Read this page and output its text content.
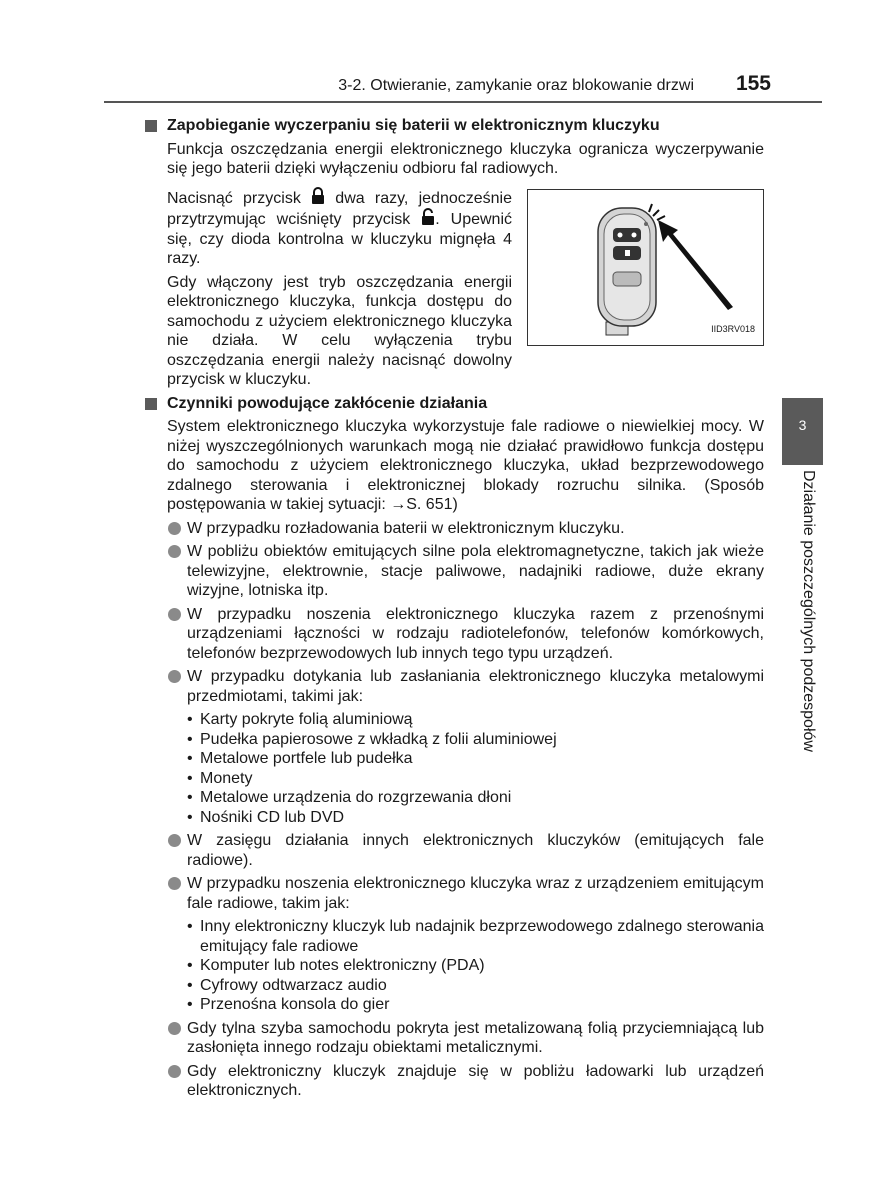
3-2. Otwieranie, zamykanie oraz blokowanie drzwi 155
3
Działanie poszczególnych podzespołów
Zapobieganie wyczerpaniu się baterii w elektronicznym kluczyku

Funkcja oszczędzania energii elektronicznego kluczyka ogranicza wyczerpywanie się jego baterii dzięki wyłączeniu odbioru fal radiowych.

Nacisnąć przycisk dwa razy, jednocześnie przytrzymując wciśnięty przycisk . Upewnić się, czy dioda kontrolna w kluczyku mignęła 4 razy.

Gdy włączony jest tryb oszczędzania energii elektronicznego kluczyka, funkcja dostępu do samochodu z użyciem elektronicznego kluczyka nie działa. W celu wyłączenia trybu oszczędzania energii należy nacisnąć dowolny przycisk w kluczyku.

IID3RV018
Czynniki powodujące zakłócenie działania

System elektronicznego kluczyka wykorzystuje fale radiowe o niewielkiej mocy. W niżej wyszczególnionych warunkach mogą nie działać prawidłowo funkcja dostępu do samochodu z użyciem elektronicznego kluczyka, układ bezprzewodowego zdalnego sterowania i elektronicznej blokady rozruchu silnika. (Sposób postępowania w takiej sytuacji: →S. 651)

W przypadku rozładowania baterii w elektronicznym kluczyku.
W pobliżu obiektów emitujących silne pola elektromagnetyczne, takich jak wieże telewizyjne, elektrownie, stacje paliwowe, nadajniki radiowe, duże ekrany wizyjne, lotniska itp.
W przypadku noszenia elektronicznego kluczyka razem z przenośnymi urządzeniami łączności w rodzaju radiotelefonów, telefonów komórkowych, telefonów bezprzewodowych lub innych tego typu urządzeń.
W przypadku dotykania lub zasłaniania elektronicznego kluczyka metalowymi przedmiotami, takimi jak:
• Karty pokryte folią aluminiową
• Pudełka papierosowe z wkładką z folii aluminiowej
• Metalowe portfele lub pudełka
• Monety
• Metalowe urządzenia do rozgrzewania dłoni
• Nośniki CD lub DVD
W zasięgu działania innych elektronicznych kluczyków (emitujących fale radiowe).
W przypadku noszenia elektronicznego kluczyka wraz z urządzeniem emitującym fale radiowe, takim jak:
• Inny elektroniczny kluczyk lub nadajnik bezprzewodowego zdalnego sterowania emitujący fale radiowe
• Komputer lub notes elektroniczny (PDA)
• Cyfrowy odtwarzacz audio
• Przenośna konsola do gier
Gdy tylna szyba samochodu pokryta jest metalizowaną folią przyciemniającą lub zasłonięta innego rodzaju obiektami metalicznymi.
Gdy elektroniczny kluczyk znajduje się w pobliżu ładowarki lub urządzeń elektronicznych.
